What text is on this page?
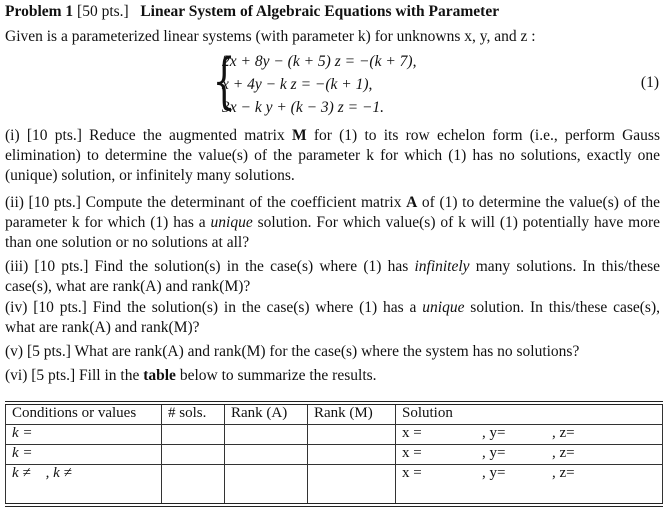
Problem 1 [50 pts.] Linear System of Algebraic Equations with Parameter
Given is a parameterized linear systems (with parameter k) for unknowns x, y, and z :
{
2x + 8y − (k + 5) z = −(k + 7),
x + 4y − k z = −(k + 1),
3x − k y + (k − 3) z = −1.
(1)
(i) [10 pts.] Reduce the augmented matrix M for (1) to its row echelon form (i.e., perform Gauss elimination) to determine the value(s) of the parameter k for which (1) has no solutions, exactly one (unique) solution, or infinitely many solutions.
(ii) [10 pts.] Compute the determinant of the coefficient matrix A of (1) to determine the value(s) of the parameter k for which (1) has a unique solution. For which value(s) of k will (1) potentially have more than one solution or no solutions at all?
(iii) [10 pts.] Find the solution(s) in the case(s) where (1) has infinitely many solutions. In this/these case(s), what are rank(A) and rank(M)?
(iv) [10 pts.] Find the solution(s) in the case(s) where (1) has a unique solution. In this/these case(s), what are rank(A) and rank(M)?
(v) [5 pts.] What are rank(A) and rank(M) for the case(s) where the system has no solutions?
(vi) [5 pts.] Fill in the table below to summarize the results.
Conditions or values	# sols.	Rank (A)	Rank (M)	Solution
k =				x = , y= , z=
k =				x = , y= , z=
k ≠    , k ≠				x = , y= , z=
